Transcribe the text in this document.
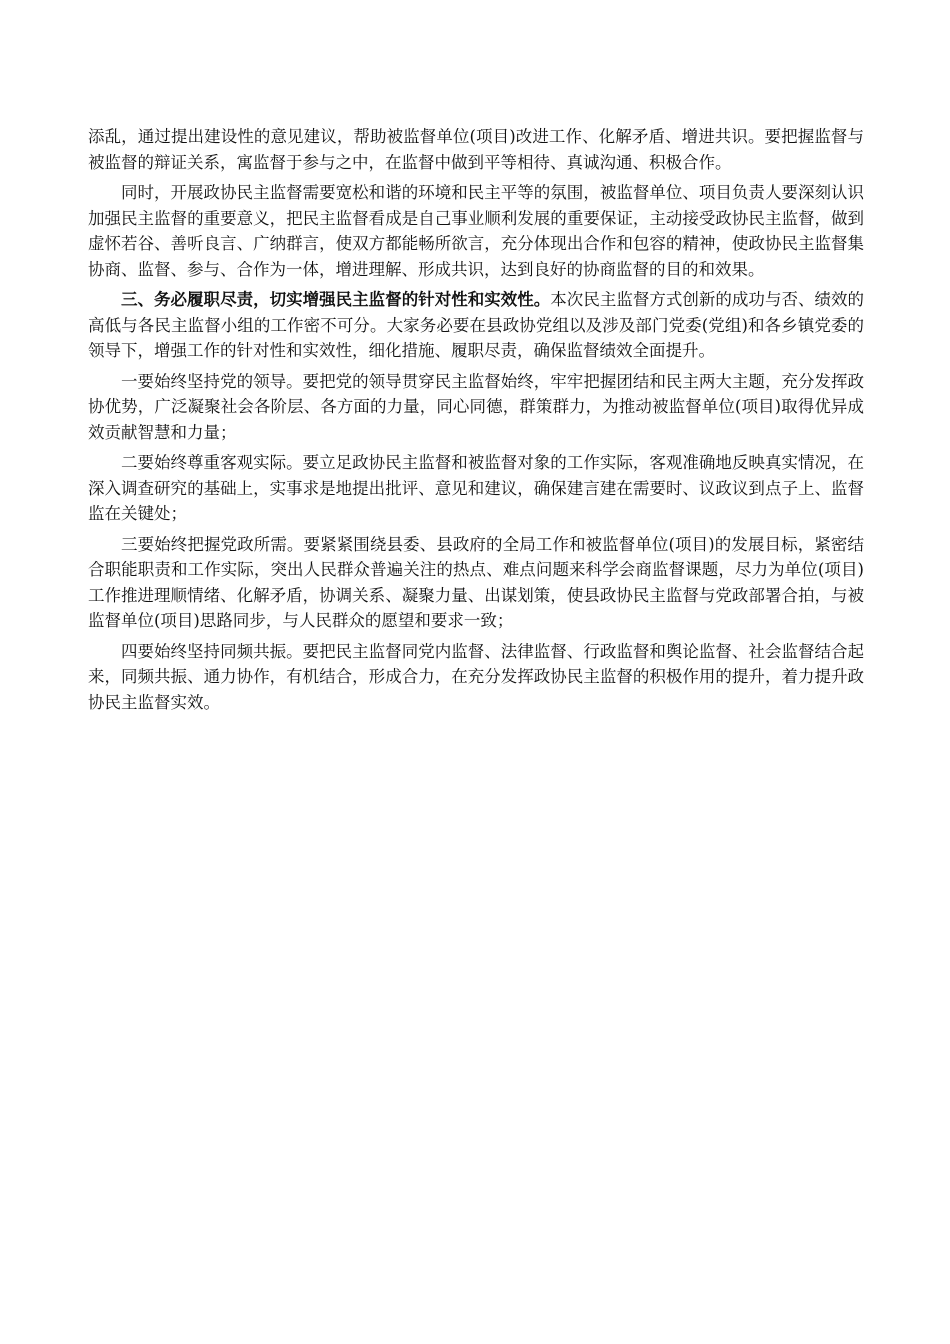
添乱，通过提出建设性的意见建议，帮助被监督单位(项目)改进工作、化解矛盾、增进共识。要把握监督与被监督的辩证关系，寓监督于参与之中，在监督中做到平等相待、真诚沟通、积极合作。

同时，开展政协民主监督需要宽松和谐的环境和民主平等的氛围，被监督单位、项目负责人要深刻认识加强民主监督的重要意义，把民主监督看成是自己事业顺利发展的重要保证，主动接受政协民主监督，做到虚怀若谷、善听良言、广纳群言，使双方都能畅所欲言，充分体现出合作和包容的精神，使政协民主监督集协商、监督、参与、合作为一体，增进理解、形成共识，达到良好的协商监督的目的和效果。

三、务必履职尽责，切实增强民主监督的针对性和实效性。本次民主监督方式创新的成功与否、绩效的高低与各民主监督小组的工作密不可分。大家务必要在县政协党组以及涉及部门党委(党组)和各乡镇党委的领导下，增强工作的针对性和实效性，细化措施、履职尽责，确保监督绩效全面提升。

一要始终坚持党的领导。要把党的领导贯穿民主监督始终，牢牢把握团结和民主两大主题，充分发挥政协优势，广泛凝聚社会各阶层、各方面的力量，同心同德，群策群力，为推动被监督单位(项目)取得优异成效贡献智慧和力量；

二要始终尊重客观实际。要立足政协民主监督和被监督对象的工作实际，客观准确地反映真实情况，在深入调查研究的基础上，实事求是地提出批评、意见和建议，确保建言建在需要时、议政议到点子上、监督监在关键处；

三要始终把握党政所需。要紧紧围绕县委、县政府的全局工作和被监督单位(项目)的发展目标，紧密结合职能职责和工作实际，突出人民群众普遍关注的热点、难点问题来科学会商监督课题，尽力为单位(项目)工作推进理顺情绪、化解矛盾，协调关系、凝聚力量、出谋划策，使县政协民主监督与党政部署合拍，与被监督单位(项目)思路同步，与人民群众的愿望和要求一致；

四要始终坚持同频共振。要把民主监督同党内监督、法律监督、行政监督和舆论监督、社会监督结合起来，同频共振、通力协作，有机结合，形成合力，在充分发挥政协民主监督的积极作用的提升，着力提升政协民主监督实效。
